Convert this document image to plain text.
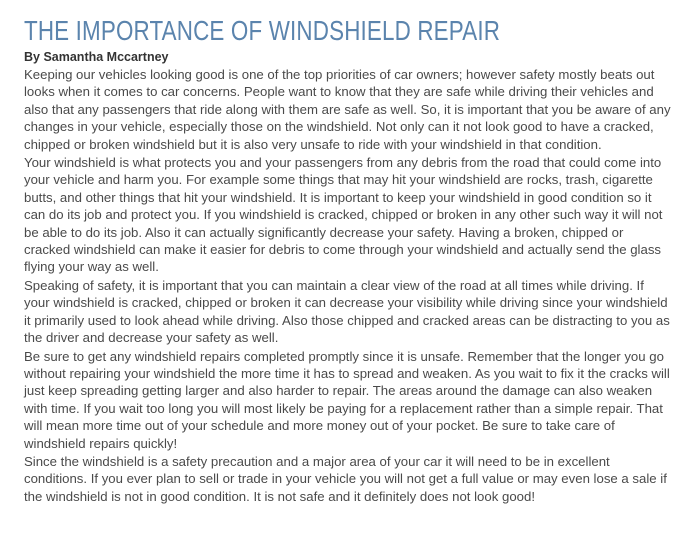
THE IMPORTANCE OF WINDSHIELD REPAIR
By Samantha Mccartney

Keeping our vehicles looking good is one of the top priorities of car owners; however safety mostly beats out looks when it comes to car concerns. People want to know that they are safe while driving their vehicles and also that any passengers that ride along with them are safe as well. So, it is important that you be aware of any changes in your vehicle, especially those on the windshield. Not only can it not look good to have a cracked, chipped or broken windshield but it is also very unsafe to ride with your windshield in that condition.

Your windshield is what protects you and your passengers from any debris from the road that could come into your vehicle and harm you. For example some things that may hit your windshield are rocks, trash, cigarette butts, and other things that hit your windshield. It is important to keep your windshield in good condition so it can do its job and protect you. If you windshield is cracked, chipped or broken in any other such way it will not be able to do its job. Also it can actually significantly decrease your safety. Having a broken, chipped or cracked windshield can make it easier for debris to come through your windshield and actually send the glass flying your way as well.

Speaking of safety, it is important that you can maintain a clear view of the road at all times while driving. If your windshield is cracked, chipped or broken it can decrease your visibility while driving since your windshield it primarily used to look ahead while driving. Also those chipped and cracked areas can be distracting to you as the driver and decrease your safety as well.

Be sure to get any windshield repairs completed promptly since it is unsafe. Remember that the longer you go without repairing your windshield the more time it has to spread and weaken. As you wait to fix it the cracks will just keep spreading getting larger and also harder to repair. The areas around the damage can also weaken with time. If you wait too long you will most likely be paying for a replacement rather than a simple repair. That will mean more time out of your schedule and more money out of your pocket. Be sure to take care of windshield repairs quickly!

Since the windshield is a safety precaution and a major area of your car it will need to be in excellent conditions. If you ever plan to sell or trade in your vehicle you will not get a full value or may even lose a sale if the windshield is not in good condition. It is not safe and it definitely does not look good!
